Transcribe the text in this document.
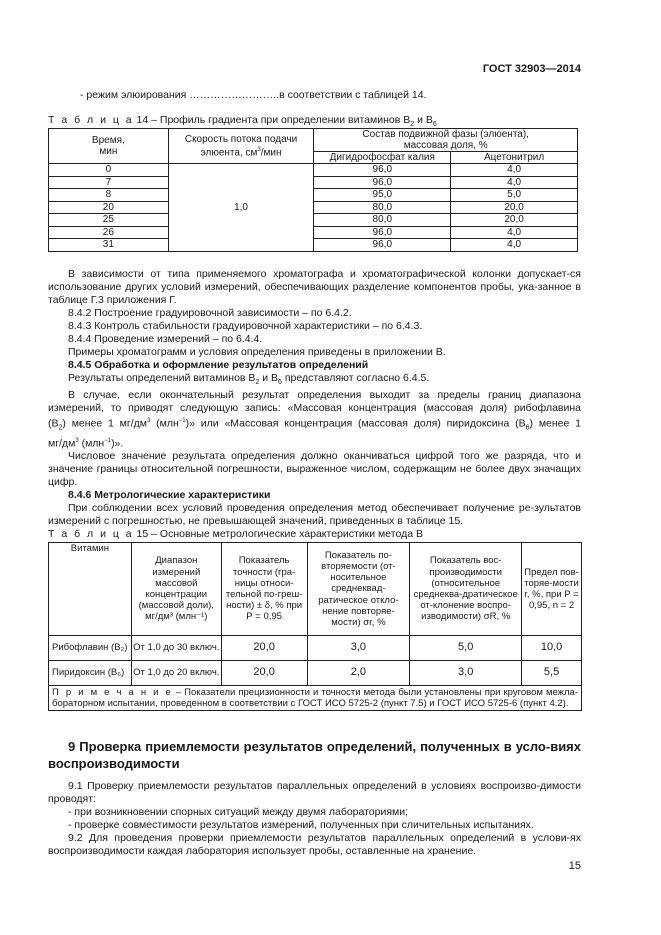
ГОСТ 32903—2014
- режим элюирования ……………………..в соответствии с таблицей 14.
Т а б л и ц а 14 – Профиль градиента при определении витаминов $В_2$ и $В_6$
Время,
мин	Скорость потока подачи элюента, $см^3$/мин	Состав подвижной фазы (элюента),
массовая доля, %	
		Дигидрофосфат калия	Ацетонитрил
0	1,0	96,0	4,0
7		96,0	4,0
8		95,0	5,0
20		80,0	20,0
25		80,0	20,0
26		96,0	4,0
31		96,0	4,0
В зависимости от типа применяемого хроматографа и хроматографической колонки допускает-ся использование других условий измерений, обеспечивающих разделение компонентов пробы, ука-занное в таблице Г.3 приложения Г.
8.4.2 Построение градуировочной зависимости – по 6.4.2.
8.4.3 Контроль стабильности градуировочной характеристики – по 6.4.3.
8.4.4 Проведение измерений – по 6.4.4.
Примеры хроматограмм и условия определения приведены в приложении В.
8.4.5 Обработка и оформление результатов определений
Результаты определений витаминов $В_2$ и $В_6$ представляют согласно 6.4.5.
В случае, если окончательный результат определения выходит за пределы границ диапазона
измерений, то приводят следующую запись: «Массовая концентрация (массовая доля) рибофлавина
$(В_2)$ менее 1 $мг/дм^3$ (млн$^{-1}$)» или «Массовая концентрация (массовая доля) пиридоксина $(В_6)$ менее 1
$мг/дм^3$ (млн$^{-1}$)».
Числовое значение результата определения должно оканчиваться цифрой того же разряда, что и значение границы относительной погрешности, выраженное числом, содержащим не более двух значащих цифр.
8.4.6 Метрологические характеристики
При соблюдении всех условий проведения определения метод обеспечивает получение ре-зультатов измерений с погрешностью, не превышающей значений, приведенных в таблице 15.
Т а б л и ц а 15 – Основные метрологические характеристики метода В
Витамин	Диапазон измерений массовой концентрации (массовой доли), мг/дм³ (млн⁻¹)	Показатель точности (гра-ницы относи-тельной по-греш-ности) ± δ, % при Р = 0,95	Показатель по-вторяемости (от-носительное среднеквад-ратическое откло-нение повторяе-мости) σr, %	Показатель вос-производимости (относительное среднеква-дратическое от-клонение воспро-изводимости) σR, %	Предел пов-торяе-мости r, %, при Р = 0,95, n = 2
Рибофлавин (В₂)	От 1,0 до 30 включ.	20,0	3,0	5,0	10,0
Пиридоксин (В₆)	От 1,0 до 20 включ.	20,0	2,0	3,0	5,5
П р и м е ч а н и е – Показатели прецизионности и точности метода были установлены при круговом межла-бораторном испытании, проведенном в соответствии с ГОСТ ИСО 5725-2 (пункт 7.5) и ГОСТ ИСО 5725-6 (пункт 4.2).					
9 Проверка приемлемости результатов определений, полученных в усло-виях воспроизводимости
9.1 Проверку приемлемости результатов параллельных определений в условиях воспроизво-димости проводят:
- при возникновении спорных ситуаций между двумя лабораториями;
- проверке совместимости результатов измерений, полученных при сличительных испытаниях.
9.2 Для проведения проверки приемлемости результатов параллельных определений в услови-ях воспроизводимости каждая лаборатория использует пробы, оставленные на хранение.
15
